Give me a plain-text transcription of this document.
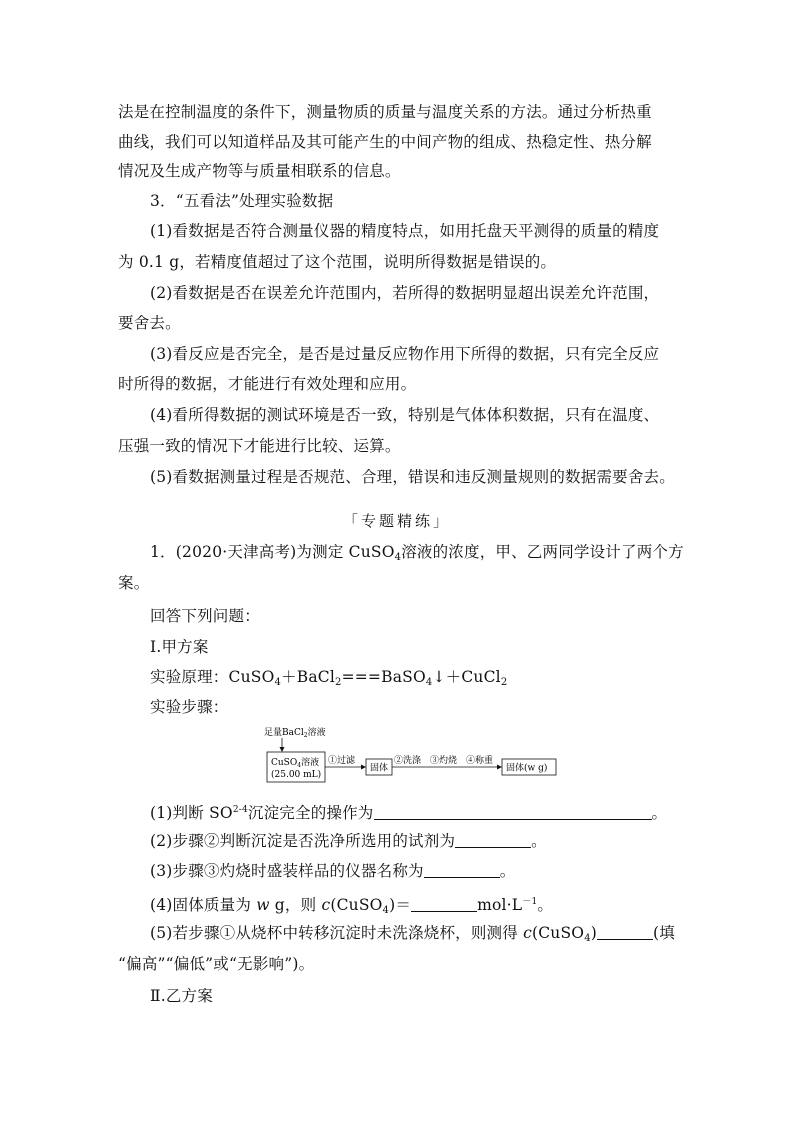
法是在控制温度的条件下，测量物质的质量与温度关系的方法。通过分析热重
曲线，我们可以知道样品及其可能产生的中间产物的组成、热稳定性、热分解
情况及生成产物等与质量相联系的信息。
3．“五看法”处理实验数据
(1)看数据是否符合测量仪器的精度特点，如用托盘天平测得的质量的精度
为 0.1 g，若精度值超过了这个范围，说明所得数据是错误的。
(2)看数据是否在误差允许范围内，若所得的数据明显超出误差允许范围，
要舍去。
(3)看反应是否完全，是否是过量反应物作用下所得的数据，只有完全反应
时所得的数据，才能进行有效处理和应用。
(4)看所得数据的测试环境是否一致，特别是气体体积数据，只有在温度、
压强一致的情况下才能进行比较、运算。
(5)看数据测量过程是否规范、合理，错误和违反测量规则的数据需要舍去。
「专题精练」
1．(2020·天津高考)为测定 CuSO$_4$溶液的浓度，甲、乙两同学设计了两个方
案。
回答下列问题：
Ⅰ.甲方案
实验原理：CuSO$_4$＋BaCl$_2$===BaSO$_4$↓＋CuCl$_2$
实验步骤：
足量BaCl$_2$溶液
CuSO$_4$溶液
(25.00 mL)
①过滤
固体
②洗涤 ③灼烧 ④称重
固体(w g)
(1)判断 SO$^{2-4}$沉淀完全的操作为	。
(2)步骤②判断沉淀是否洗净所选用的试剂为	。
(3)步骤③灼烧时盛装样品的仪器名称为	。
(4)固体质量为 w g，则 c(CuSO$_4$)＝	$mol\cdot L^{-1}$。
(5)若步骤①从烧杯中转移沉淀时未洗涤烧杯，则测得 c(CuSO$_4$)	(填
“偏高”“偏低”或“无影响”)。
Ⅱ.乙方案
